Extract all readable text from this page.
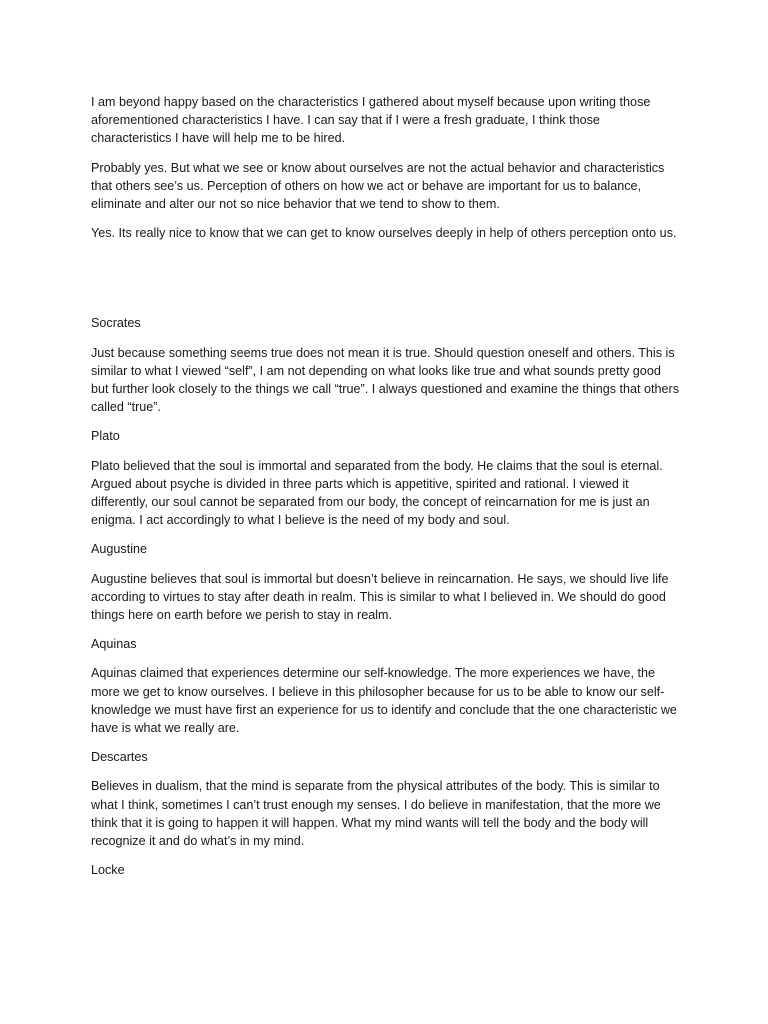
I am beyond happy based on the characteristics I gathered about myself because upon writing those aforementioned characteristics I have. I can say that if I were a fresh graduate, I think those characteristics I have will help me to be hired.

Probably yes. But what we see or know about ourselves are not the actual behavior and characteristics that others see’s us. Perception of others on how we act or behave are important for us to balance, eliminate and alter our not so nice behavior that we tend to show to them.

Yes. Its really nice to know that we can get to know ourselves deeply in help of others perception onto us.

Socrates

Just because something seems true does not mean it is true. Should question oneself and others. This is similar to what I viewed “self”, I am not depending on what looks like true and what sounds pretty good but further look closely to the things we call “true”. I always questioned and examine the things that others called “true”.

Plato

Plato believed that the soul is immortal and separated from the body. He claims that the soul is eternal. Argued about psyche is divided in three parts which is appetitive, spirited and rational. I viewed it differently, our soul cannot be separated from our body, the concept of reincarnation for me is just an enigma. I act accordingly to what I believe is the need of my body and soul.

Augustine

Augustine believes that soul is immortal but doesn’t believe in reincarnation. He says, we should live life according to virtues to stay after death in realm. This is similar to what I believed in. We should do good things here on earth before we perish to stay in realm.

Aquinas

Aquinas claimed that experiences determine our self-knowledge. The more experiences we have, the more we get to know ourselves. I believe in this philosopher because for us to be able to know our self-knowledge we must have first an experience for us to identify and conclude that the one characteristic we have is what we really are.

Descartes

Believes in dualism, that the mind is separate from the physical attributes of the body. This is similar to what I think, sometimes I can’t trust enough my senses. I do believe in manifestation, that the more we think that it is going to happen it will happen. What my mind wants will tell the body and the body will recognize it and do what’s in my mind.

Locke
